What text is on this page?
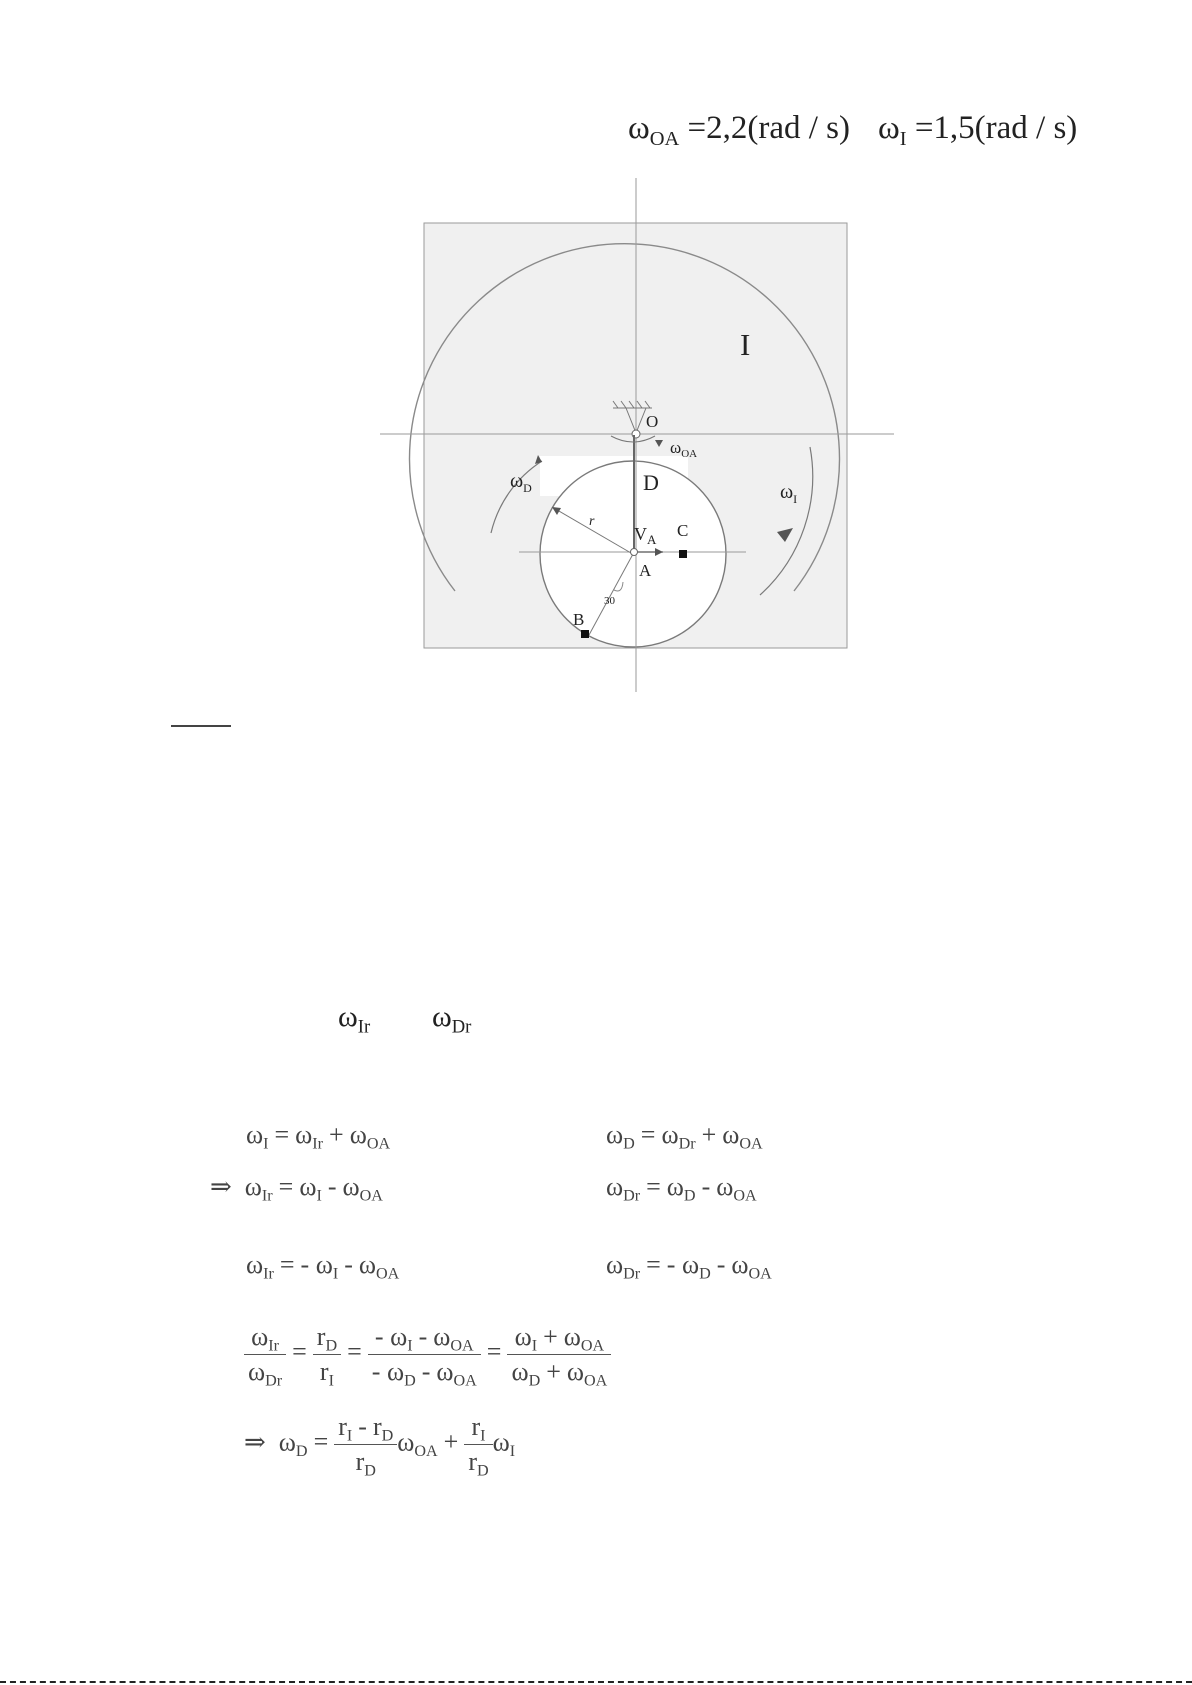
$\omega_{OA} =2,2(rad / s)$ $\omega_I =1,5(rad / s)$
I
O
$\omega_{OA}$
D
$\omega_D$	$\omega_I$
r
$V_A$ C
A
B
30
$\omega_{Ir}$ $\omega_{Dr}$
$\omega_I = \omega_{Ir} + \omega_{OA}$
⇒ $\omega_{Ir} = \omega_I - \omega_{OA}$
$\omega_{Ir}$ = - $\omega_I - \omega_{OA}$
$\omega_D = \omega_{Dr} + \omega_{OA}$
$\omega_{Dr} = \omega_D - \omega_{OA}$
$\omega_{Dr}$ = - $\omega_D - \omega_{OA}$
$\frac{\omega_{Ir}}{\omega_{Dr}} = \frac{r_D}{r_I} = \frac{- \omega_I - \omega_{OA}}{- \omega_D - \omega_{OA}} = \frac{\omega_I + \omega_{OA}}{\omega_D + \omega_{OA}}$
⇒ $\omega_D = \frac{r_I - r_D}{r_D} \omega_{OA} + \frac{r_I}{r_D} \omega_I$
